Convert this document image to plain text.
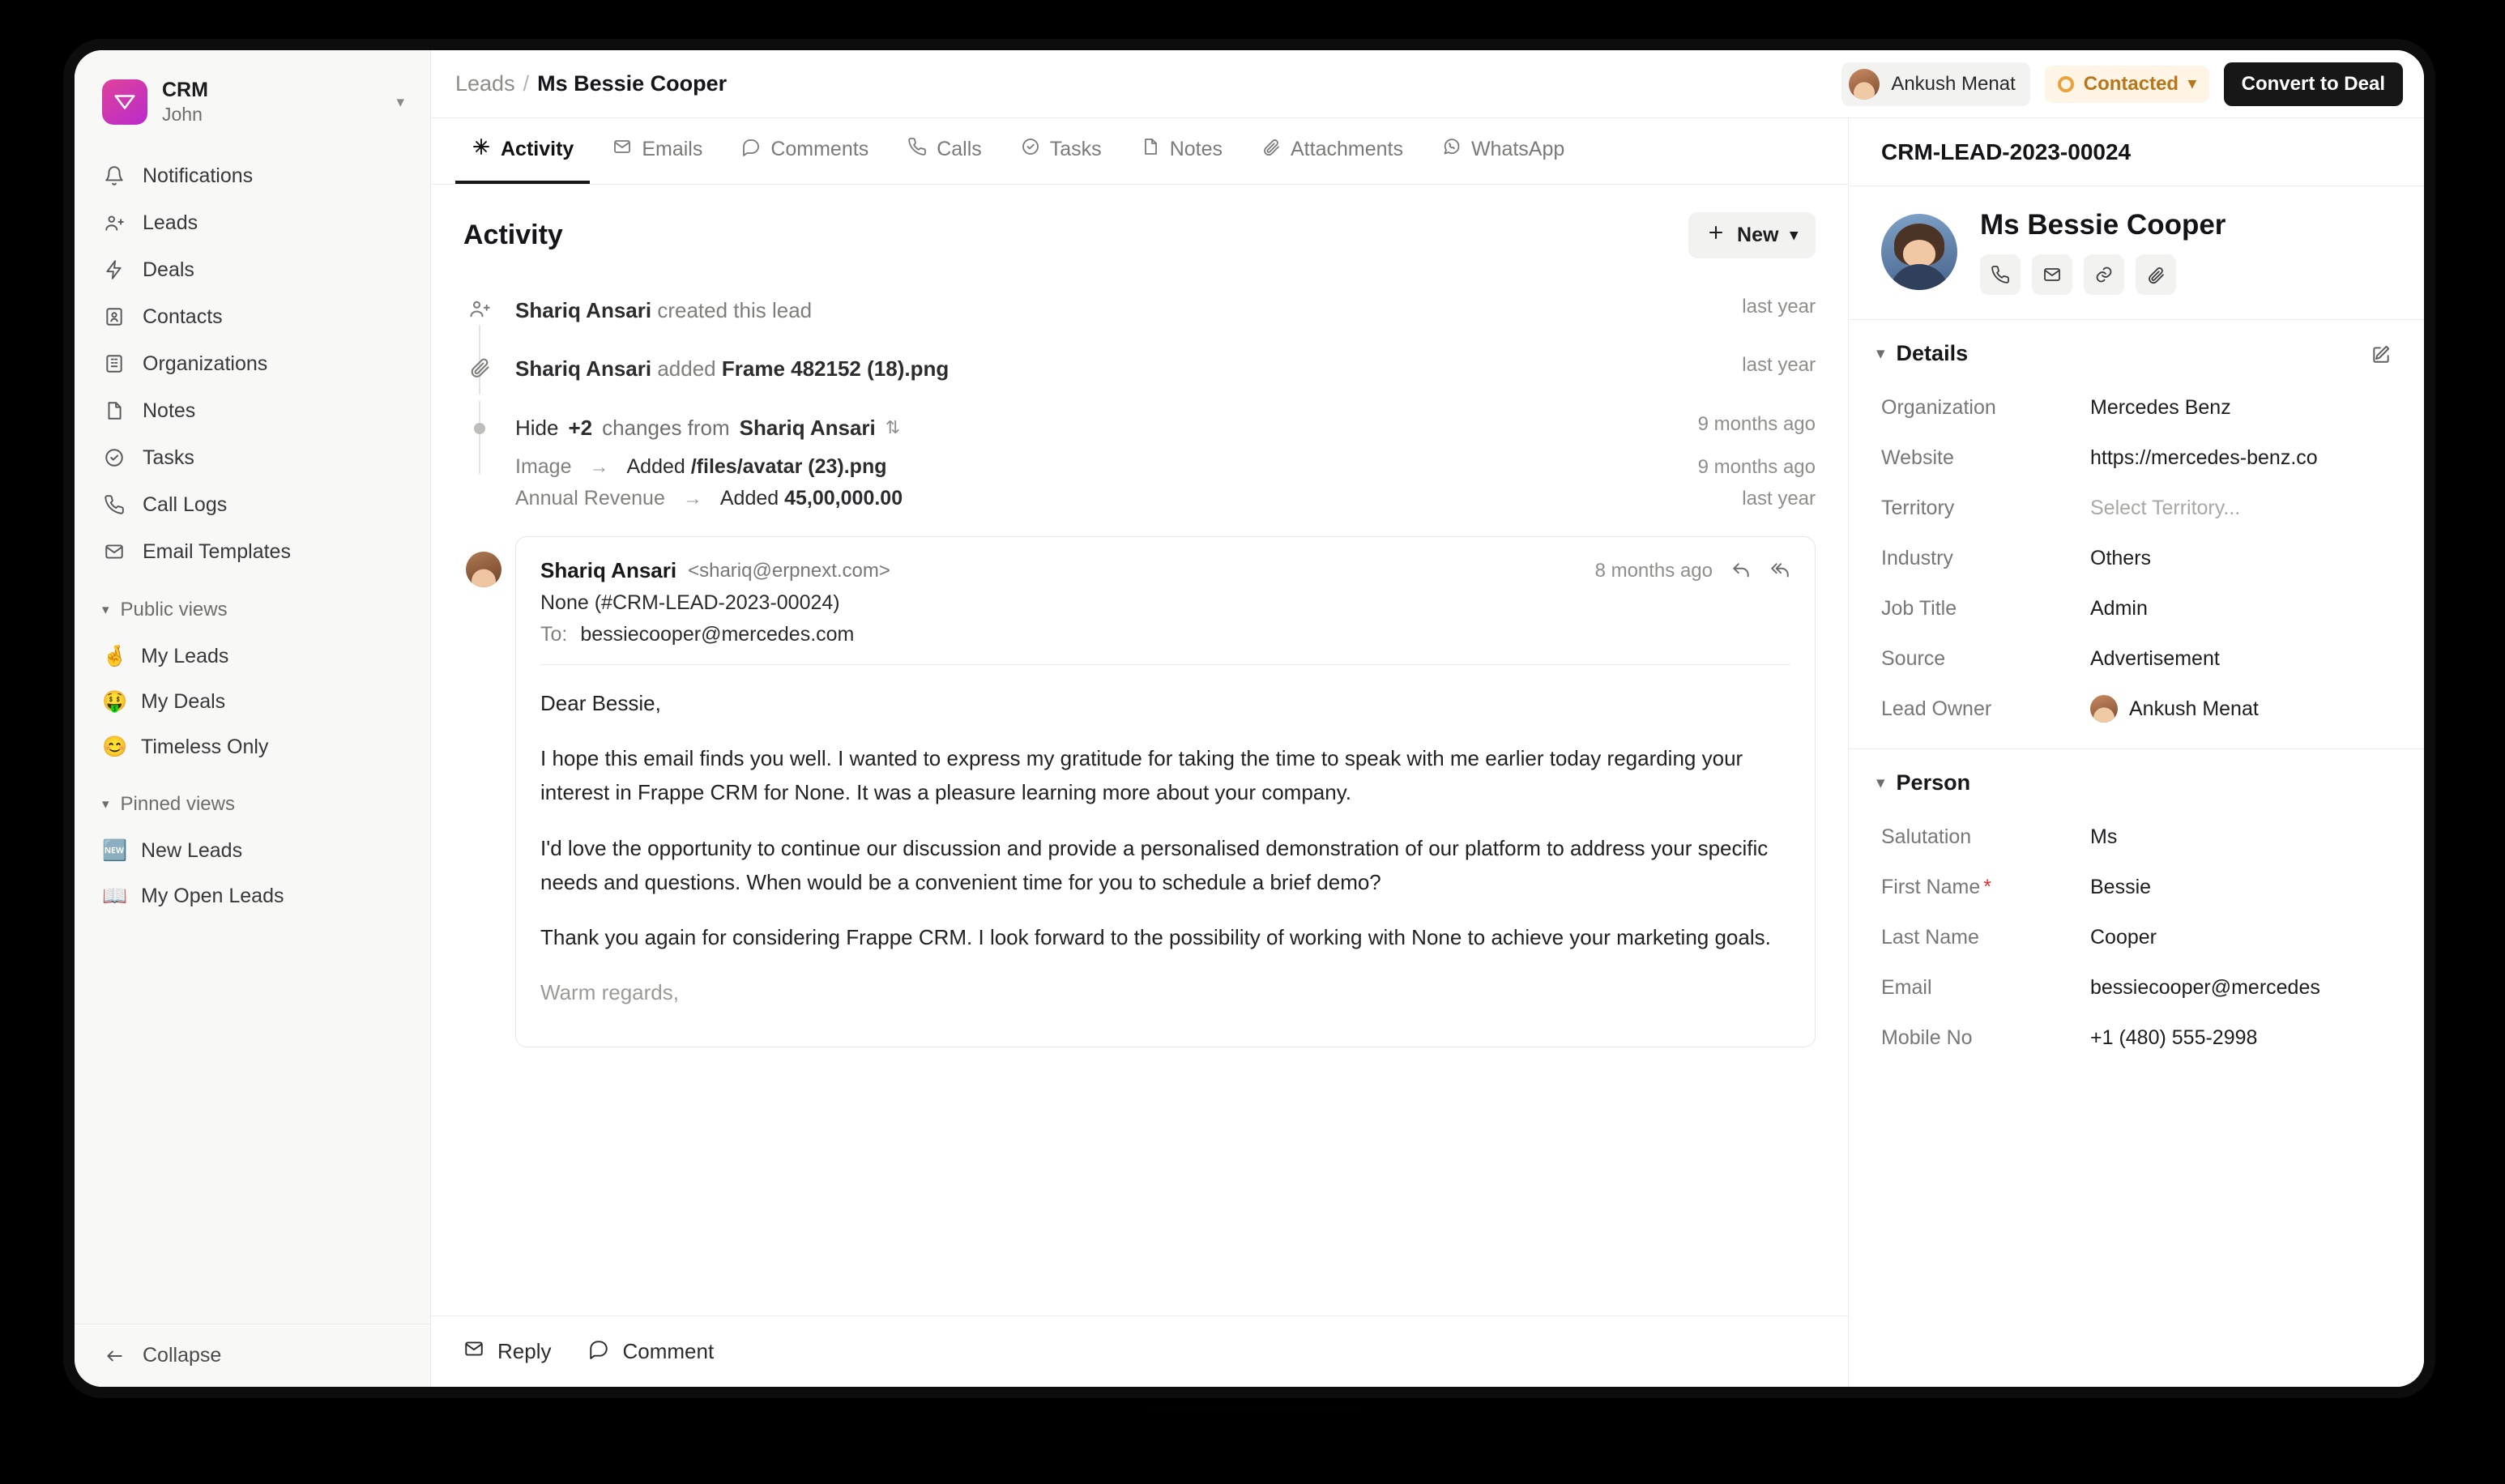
CRM
John
▾
Notifications
Leads
Deals
Contacts
Organizations
Notes
Tasks
Call Logs
Email Templates
▾ Public views
🤞 My Leads
🤑 My Deals
😊 Timeless Only
▾ Pinned views
🆕 New Leads
📖 My Open Leads
Collapse
Leads / Ms Bessie Cooper	Ankush Menat	Contacted ▾	Convert to Deal
Activity	Emails	Comments	Calls	Tasks	Notes	Attachments	WhatsApp
Activity	New ▾
Shariq Ansari created this lead	last year
Shariq Ansari added Frame 482152 (18).png	last year
Hide +2 changes from Shariq Ansari ⇅	9 months ago
Image → Added /files/avatar (23).png	9 months ago
Annual Revenue → Added 45,00,000.00	last year
Shariq Ansari <shariq@erpnext.com>	8 months ago
None (#CRM-LEAD-2023-00024)
To: bessiecooper@mercedes.com

Dear Bessie,

I hope this email finds you well. I wanted to express my gratitude for taking the time to speak with me earlier today regarding your interest in Frappe CRM for None. It was a pleasure learning more about your company.

I'd love the opportunity to continue our discussion and provide a personalised demonstration of our platform to address your specific needs and questions. When would be a convenient time for you to schedule a brief demo?

Thank you again for considering Frappe CRM. I look forward to the possibility of working with None to achieve your marketing goals.

Warm regards,

Reply	Comment
CRM-LEAD-2023-00024
Ms Bessie Cooper
▾ Details
Organization	Mercedes Benz
Website	https://mercedes-benz.co
Territory	Select Territory...
Industry	Others
Job Title	Admin
Source	Advertisement
Lead Owner	Ankush Menat
▾ Person
Salutation	Ms
First Name *	Bessie
Last Name	Cooper
Email	bessiecooper@mercedes
Mobile No	+1 (480) 555-2998
